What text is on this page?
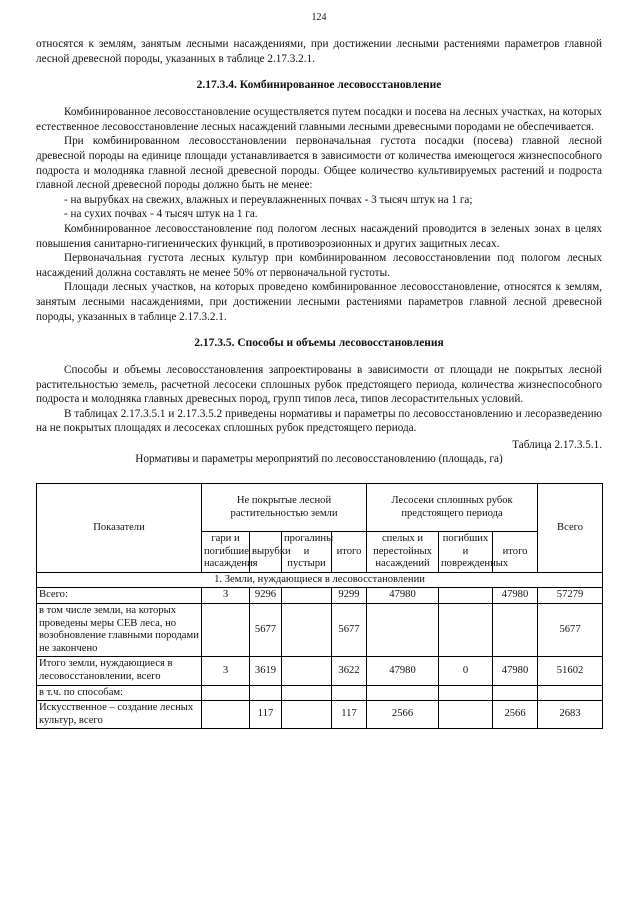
124

относятся к землям, занятым лесными насаждениями, при достижении лесными растениями параметров главной лесной древесной породы, указанных в таблице 2.17.3.2.1.

2.17.3.4. Комбинированное лесовосстановление

Комбинированное лесовосстановление осуществляется путем посадки и посева на лесных участках, на которых естественное лесовосстановление лесных насаждений главными лесными древесными породами не обеспечивается.

При комбинированном лесовосстановлении первоначальная густота посадки (посева) главной лесной древесной породы на единице площади устанавливается в зависимости от количества имеющегося жизнеспособного подроста и молодняка главной лесной древесной породы. Общее количество культивируемых растений и подроста главной лесной древесной породы должно быть не менее:

- на вырубках на свежих, влажных и переувлажненных почвах - 3 тысяч штук на 1 га;

- на сухих почвах - 4 тысяч штук на 1 га.

Комбинированное лесовосстановление под пологом лесных насаждений проводится в зеленых зонах в целях повышения санитарно-гигиенических функций, в противоэрозионных и других защитных лесах.

Первоначальная густота лесных культур при комбинированном лесовосстановлении под пологом лесных насаждений должна составлять не менее 50% от первоначальной густоты.

Площади лесных участков, на которых проведено комбинированное лесовосстановление, относятся к землям, занятым лесными насаждениями, при достижении лесными растениями параметров главной лесной древесной породы, указанных в таблице 2.17.3.2.1.

2.17.3.5. Способы и объемы лесовосстановления

Способы и объемы лесовосстановления запроектированы в зависимости от площади не покрытых лесной растительностью земель, расчетной лесосеки сплошных рубок предстоящего периода, количества жизнеспособного подроста и молодняка главных древесных пород, групп типов леса, типов лесорастительных условий.

В таблицах 2.17.3.5.1 и 2.17.3.5.2 приведены нормативы и параметры по лесовосстановлению и лесоразведению на не покрытых площадях и лесосеках сплошных рубок предстоящего периода.

Таблица 2.17.3.5.1.
Нормативы и параметры мероприятий по лесовосстановлению (площадь, га)
Показатели	Не покрытые лесной растительностью земли				Лесосеки сплошных рубок предстоящего периода			Всего
	гари и погибшие насаждения	вырубки	прогалины и пустыри	итого	спелых и перестойных насаждений	погибших и поврежденных	итого	
1. Земли, нуждающиеся в лесовосстановлении								
Всего:	3	9296		9299	47980		47980	57279
в том числе земли, на которых проведены меры СЕВ леса, но возобновление главными породами не закончено		5677		5677				5677
Итого земли, нуждающиеся в лесовосстановлении, всего	3	3619		3622	47980	0	47980	51602
в т.ч. по способам:								
Искусственное – создание лесных культур, всего		117		117	2566		2566	2683
